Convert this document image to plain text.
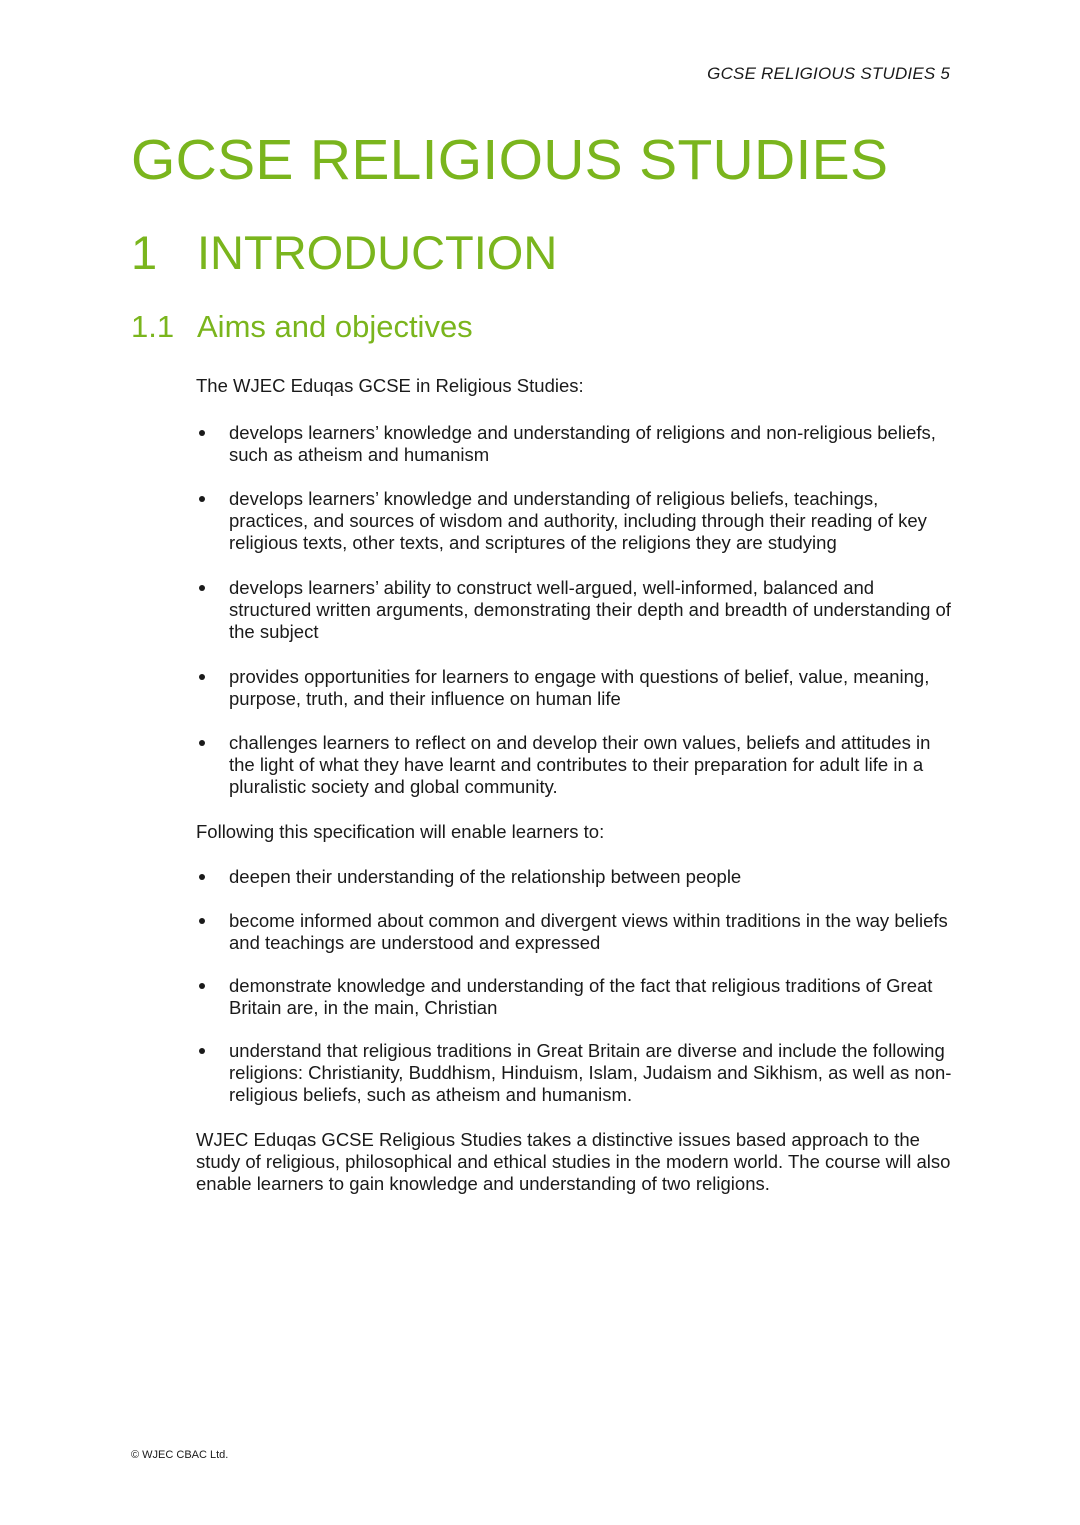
GCSE RELIGIOUS STUDIES 5
GCSE RELIGIOUS STUDIES
1 INTRODUCTION
1.1 Aims and objectives

The WJEC Eduqas GCSE in Religious Studies:

develops learners’ knowledge and understanding of religions and non-religious beliefs, such as atheism and humanism
develops learners’ knowledge and understanding of religious beliefs, teachings, practices, and sources of wisdom and authority, including through their reading of key religious texts, other texts, and scriptures of the religions they are studying
develops learners’ ability to construct well-argued, well-informed, balanced and structured written arguments, demonstrating their depth and breadth of understanding of the subject
provides opportunities for learners to engage with questions of belief, value, meaning, purpose, truth, and their influence on human life
challenges learners to reflect on and develop their own values, beliefs and attitudes in the light of what they have learnt and contributes to their preparation for adult life in a pluralistic society and global community.

Following this specification will enable learners to:

deepen their understanding of the relationship between people
become informed about common and divergent views within traditions in the way beliefs and teachings are understood and expressed
demonstrate knowledge and understanding of the fact that religious traditions of Great Britain are, in the main, Christian
understand that religious traditions in Great Britain are diverse and include the following religions: Christianity, Buddhism, Hinduism, Islam, Judaism and Sikhism, as well as non-religious beliefs, such as atheism and humanism.

WJEC Eduqas GCSE Religious Studies takes a distinctive issues based approach to the study of religious, philosophical and ethical studies in the modern world. The course will also enable learners to gain knowledge and understanding of two religions.

© WJEC CBAC Ltd.
